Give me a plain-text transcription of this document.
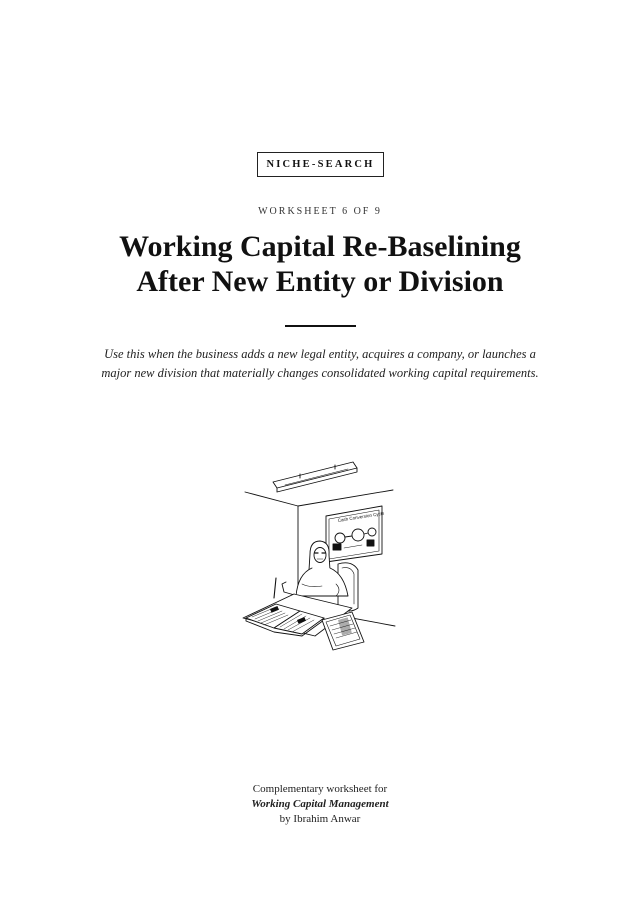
NICHE-SEARCH
WORKSHEET 6 OF 9
Working Capital Re-Baselining
After New Entity or Division

Use this when the business adds a new legal entity, acquires a company, or launches a major new division that materially changes consolidated working capital requirements.

Cash Conversion Cycle
Complementary worksheet for
Working Capital Management
by Ibrahim Anwar
